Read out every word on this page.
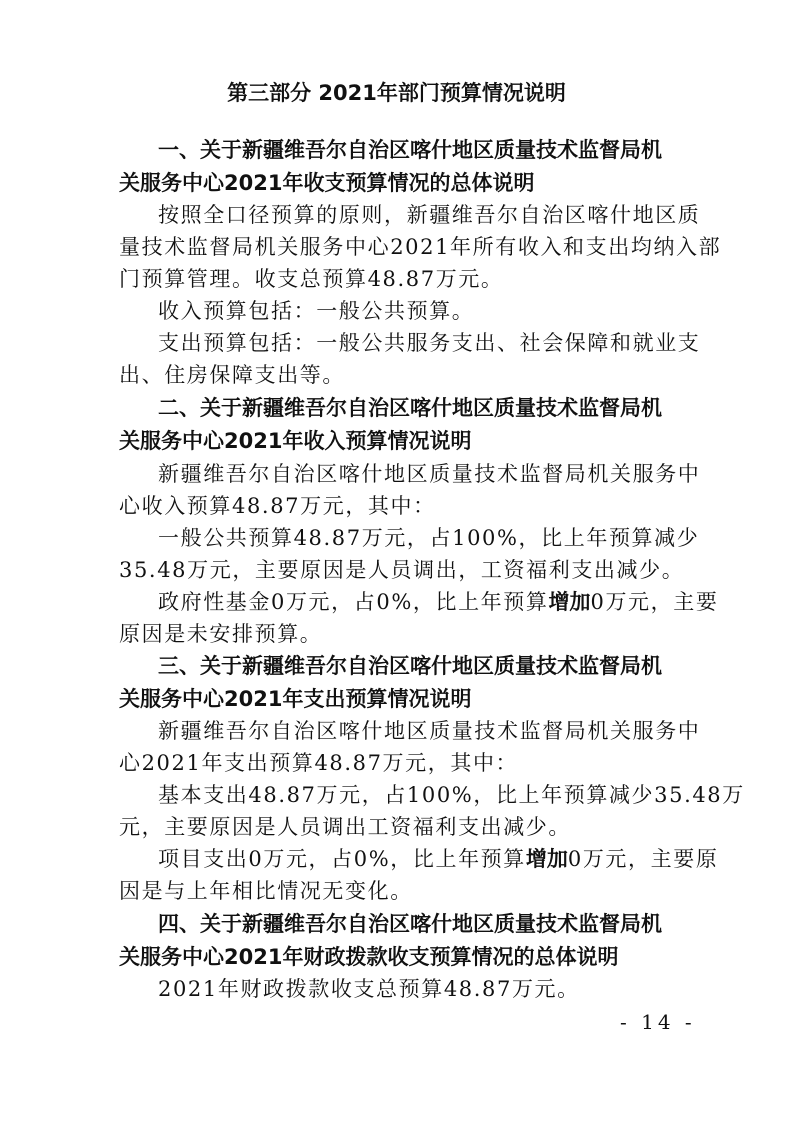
第三部分 2021年部门预算情况说明
一、关于新疆维吾尔自治区喀什地区质量技术监督局机
关服务中心2021年收支预算情况的总体说明
按照全口径预算的原则，新疆维吾尔自治区喀什地区质
量技术监督局机关服务中心2021年所有收入和支出均纳入部
门预算管理。收支总预算48.87万元。
收入预算包括：一般公共预算。
支出预算包括：一般公共服务支出、社会保障和就业支
出、住房保障支出等。
二、关于新疆维吾尔自治区喀什地区质量技术监督局机
关服务中心2021年收入预算情况说明
新疆维吾尔自治区喀什地区质量技术监督局机关服务中
心收入预算48.87万元，其中：
一般公共预算48.87万元，占100%，比上年预算减少
35.48万元，主要原因是人员调出，工资福利支出减少。
政府性基金0万元，占0%，比上年预算增加0万元，主要
原因是未安排预算。
三、关于新疆维吾尔自治区喀什地区质量技术监督局机
关服务中心2021年支出预算情况说明
新疆维吾尔自治区喀什地区质量技术监督局机关服务中
心2021年支出预算48.87万元，其中：
基本支出48.87万元，占100%，比上年预算减少35.48万
元，主要原因是人员调出工资福利支出减少。
项目支出0万元，占0%，比上年预算增加0万元，主要原
因是与上年相比情况无变化。
四、关于新疆维吾尔自治区喀什地区质量技术监督局机
关服务中心2021年财政拨款收支预算情况的总体说明
2021年财政拨款收支总预算48.87万元。
- 14 -
